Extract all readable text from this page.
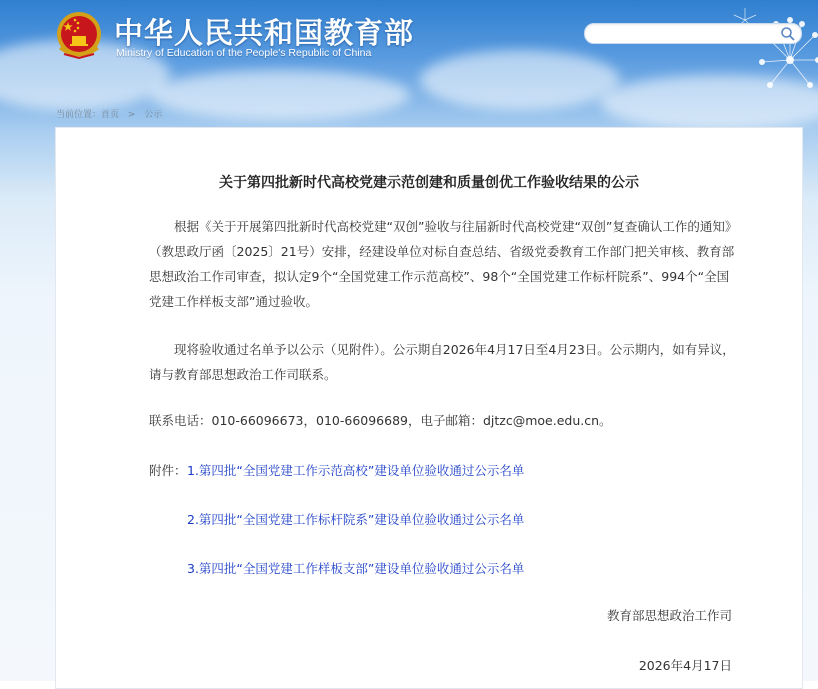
中华人民共和国教育部
Ministry of Education of the People's Republic of China
当前位置：首页 > 公示
关于第四批新时代高校党建示范创建和质量创优工作验收结果的公示
根据《关于开展第四批新时代高校党建“双创”验收与往届新时代高校党建“双创”复查确认工作的通知》（教思政厅函〔2025〕21号）安排，经建设单位对标自查总结、省级党委教育工作部门把关审核、教育部思想政治工作司审查，拟认定9个“全国党建工作示范高校”、98个“全国党建工作标杆院系”、994个“全国党建工作样板支部”通过验收。
现将验收通过名单予以公示（见附件）。公示期自2026年4月17日至4月23日。公示期内，如有异议，请与教育部思想政治工作司联系。
联系电话：010-66096673，010-66096689，电子邮箱：djtzc@moe.edu.cn。
附件： 1.第四批“全国党建工作示范高校”建设单位验收通过公示名单
2.第四批“全国党建工作标杆院系”建设单位验收通过公示名单
3.第四批“全国党建工作样板支部”建设单位验收通过公示名单
教育部思想政治工作司
2026年4月17日
